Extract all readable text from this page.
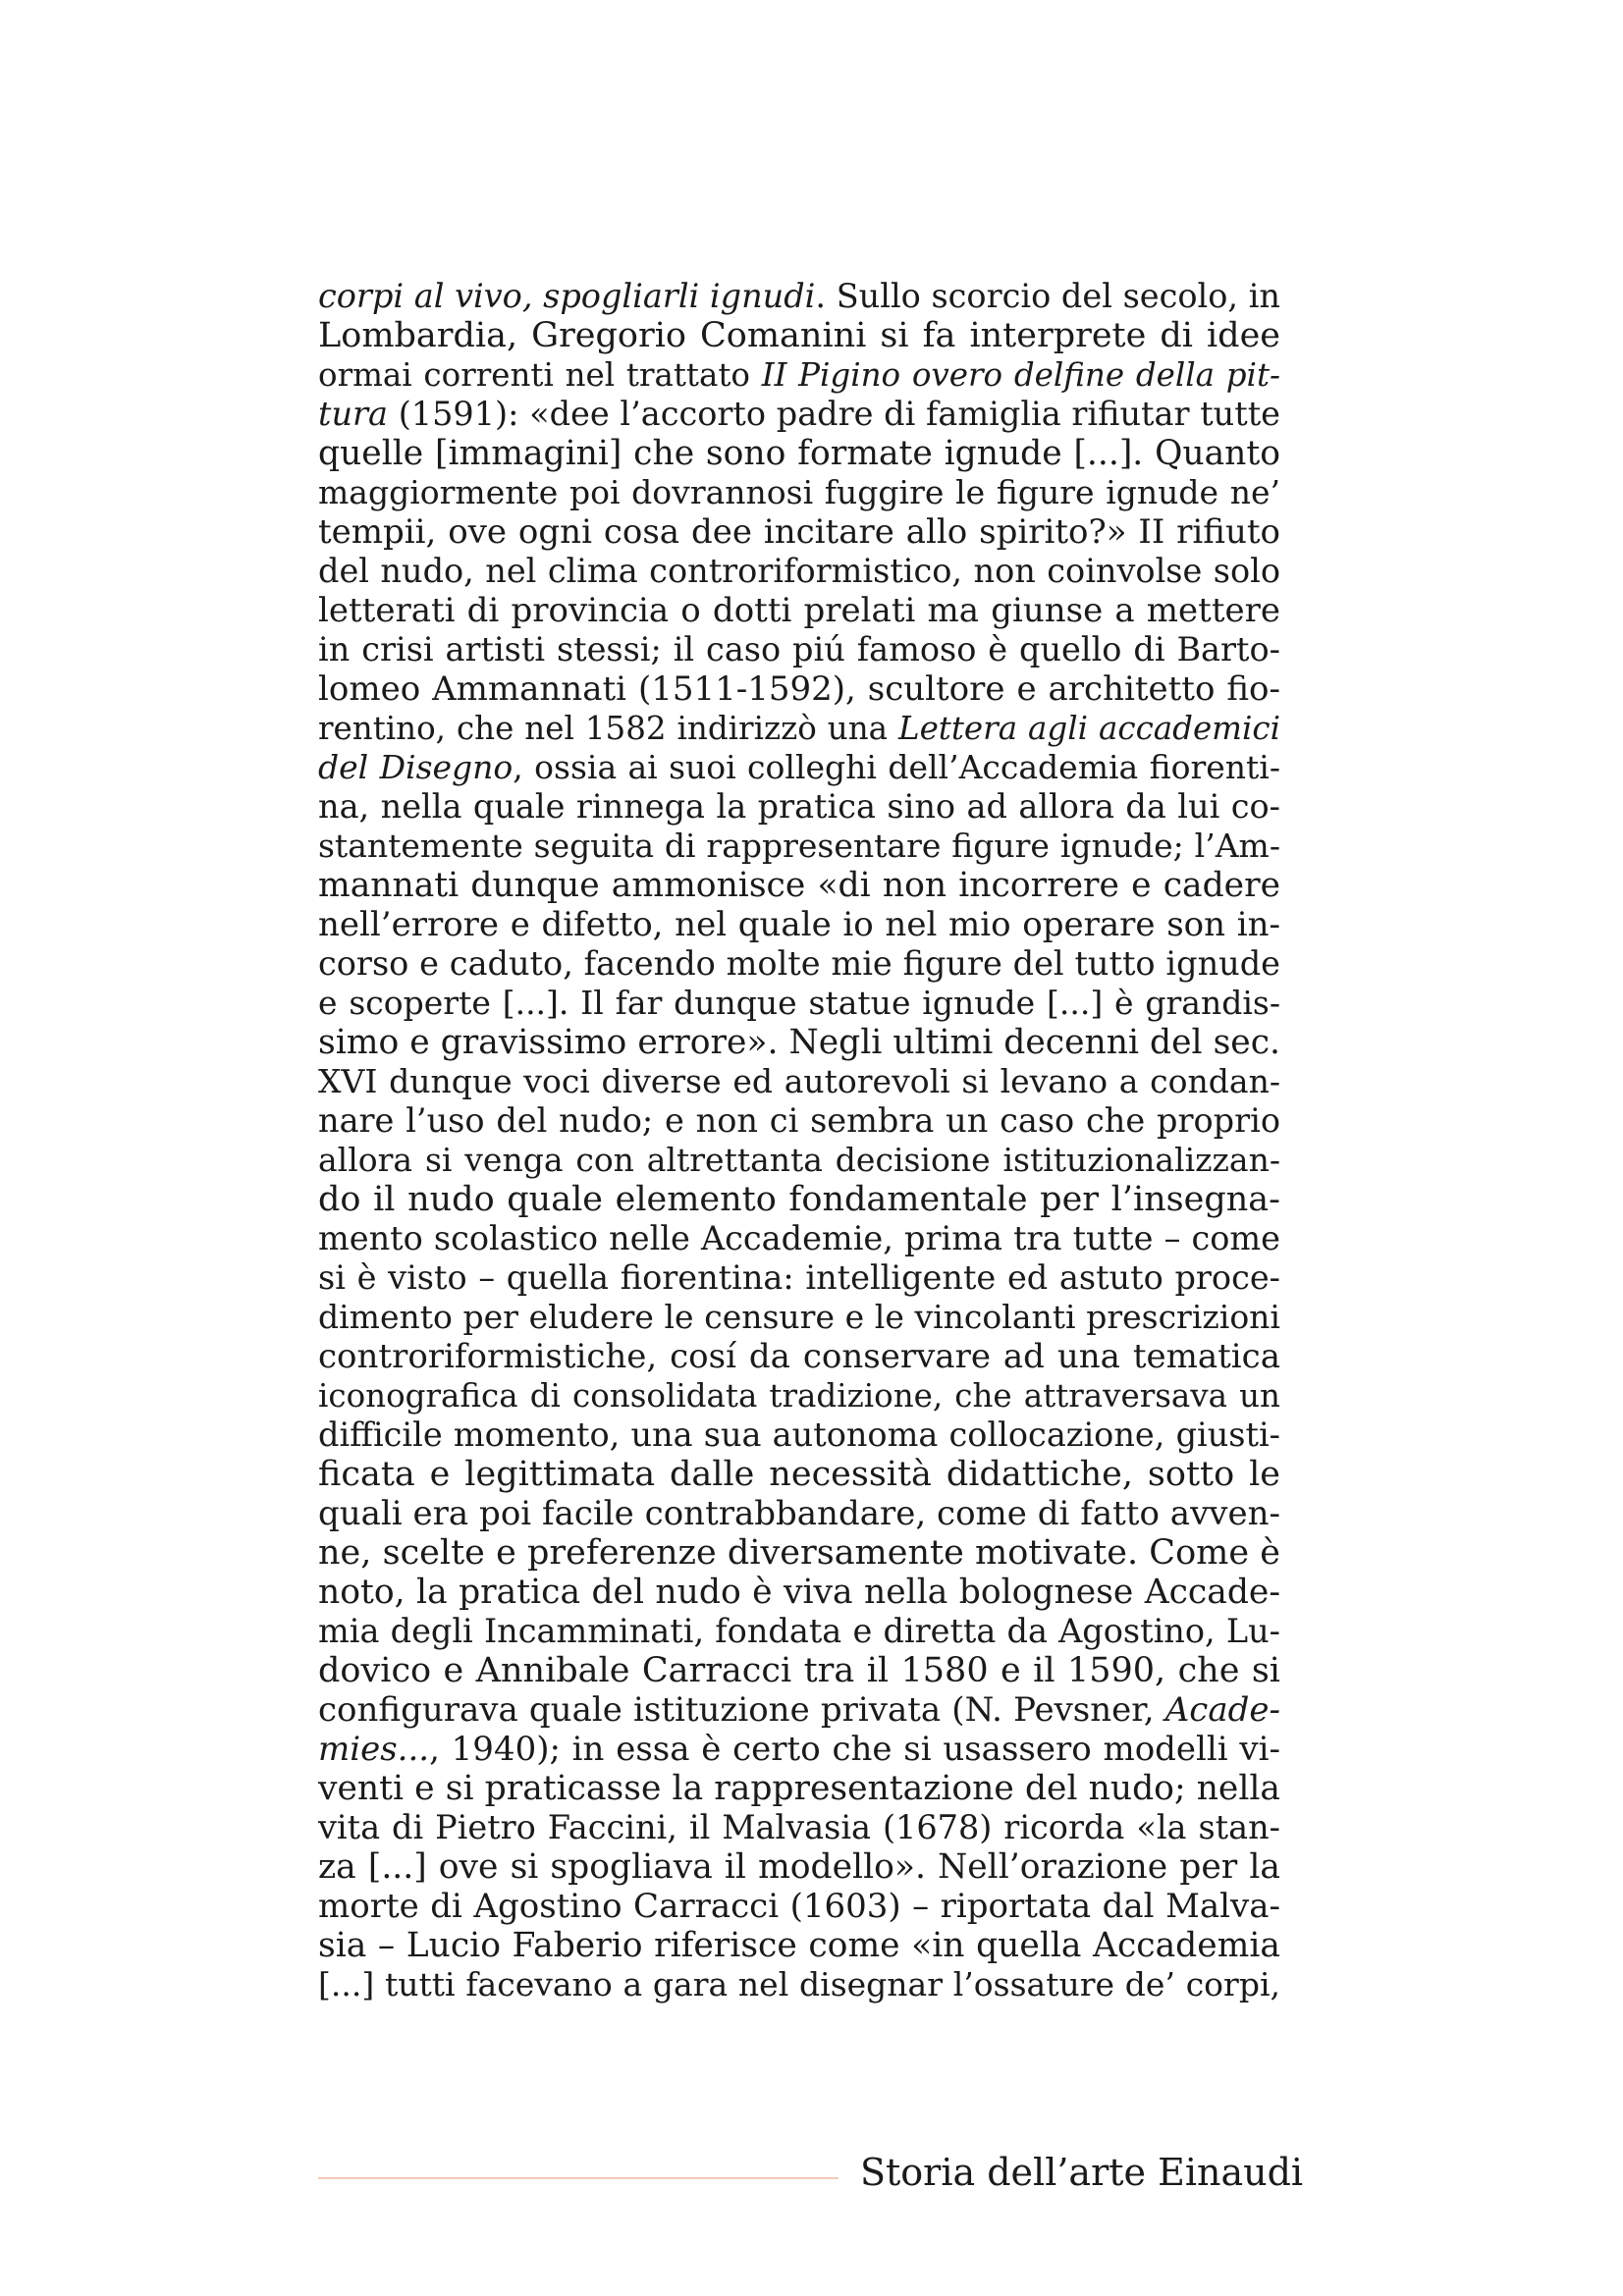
corpi al vivo, spogliarli ignudi. Sullo scorcio del secolo, in
Lombardia, Gregorio Comanini si fa interprete di idee
ormai correnti nel trattato II Pigino overo delfine della pit-
tura (1591): «dee l’accorto padre di famiglia rifiutar tutte
quelle [immagini] che sono formate ignude [...]. Quanto
maggiormente poi dovrannosi fuggire le figure ignude ne’
tempii, ove ogni cosa dee incitare allo spirito?» II rifiuto
del nudo, nel clima controriformistico, non coinvolse solo
letterati di provincia o dotti prelati ma giunse a mettere
in crisi artisti stessi; il caso piú famoso è quello di Barto-
lomeo Ammannati (1511-1592), scultore e architetto fio-
rentino, che nel 1582 indirizzò una Lettera agli accademici
del Disegno, ossia ai suoi colleghi dell’Accademia fiorenti-
na, nella quale rinnega la pratica sino ad allora da lui co-
stantemente seguita di rappresentare figure ignude; l’Am-
mannati dunque ammonisce «di non incorrere e cadere
nell’errore e difetto, nel quale io nel mio operare son in-
corso e caduto, facendo molte mie figure del tutto ignude
e scoperte [...]. Il far dunque statue ignude [...] è grandis-
simo e gravissimo errore». Negli ultimi decenni del sec.
XVI dunque voci diverse ed autorevoli si levano a condan-
nare l’uso del nudo; e non ci sembra un caso che proprio
allora si venga con altrettanta decisione istituzionalizzan-
do il nudo quale elemento fondamentale per l’insegna-
mento scolastico nelle Accademie, prima tra tutte – come
si è visto – quella fiorentina: intelligente ed astuto proce-
dimento per eludere le censure e le vincolanti prescrizioni
controriformistiche, cosí da conservare ad una tematica
iconografica di consolidata tradizione, che attraversava un
difficile momento, una sua autonoma collocazione, giusti-
ficata e legittimata dalle necessità didattiche, sotto le
quali era poi facile contrabbandare, come di fatto avven-
ne, scelte e preferenze diversamente motivate. Come è
noto, la pratica del nudo è viva nella bolognese Accade-
mia degli Incamminati, fondata e diretta da Agostino, Lu-
dovico e Annibale Carracci tra il 1580 e il 1590, che si
configurava quale istituzione privata (N. Pevsner, Acade-
mies..., 1940); in essa è certo che si usassero modelli vi-
venti e si praticasse la rappresentazione del nudo; nella
vita di Pietro Faccini, il Malvasia (1678) ricorda «la stan-
za [...] ove si spogliava il modello». Nell’orazione per la
morte di Agostino Carracci (1603) – riportata dal Malva-
sia – Lucio Faberio riferisce come «in quella Accademia
[...] tutti facevano a gara nel disegnar l’ossature de’ corpi,
Storia dell’arte Einaudi
